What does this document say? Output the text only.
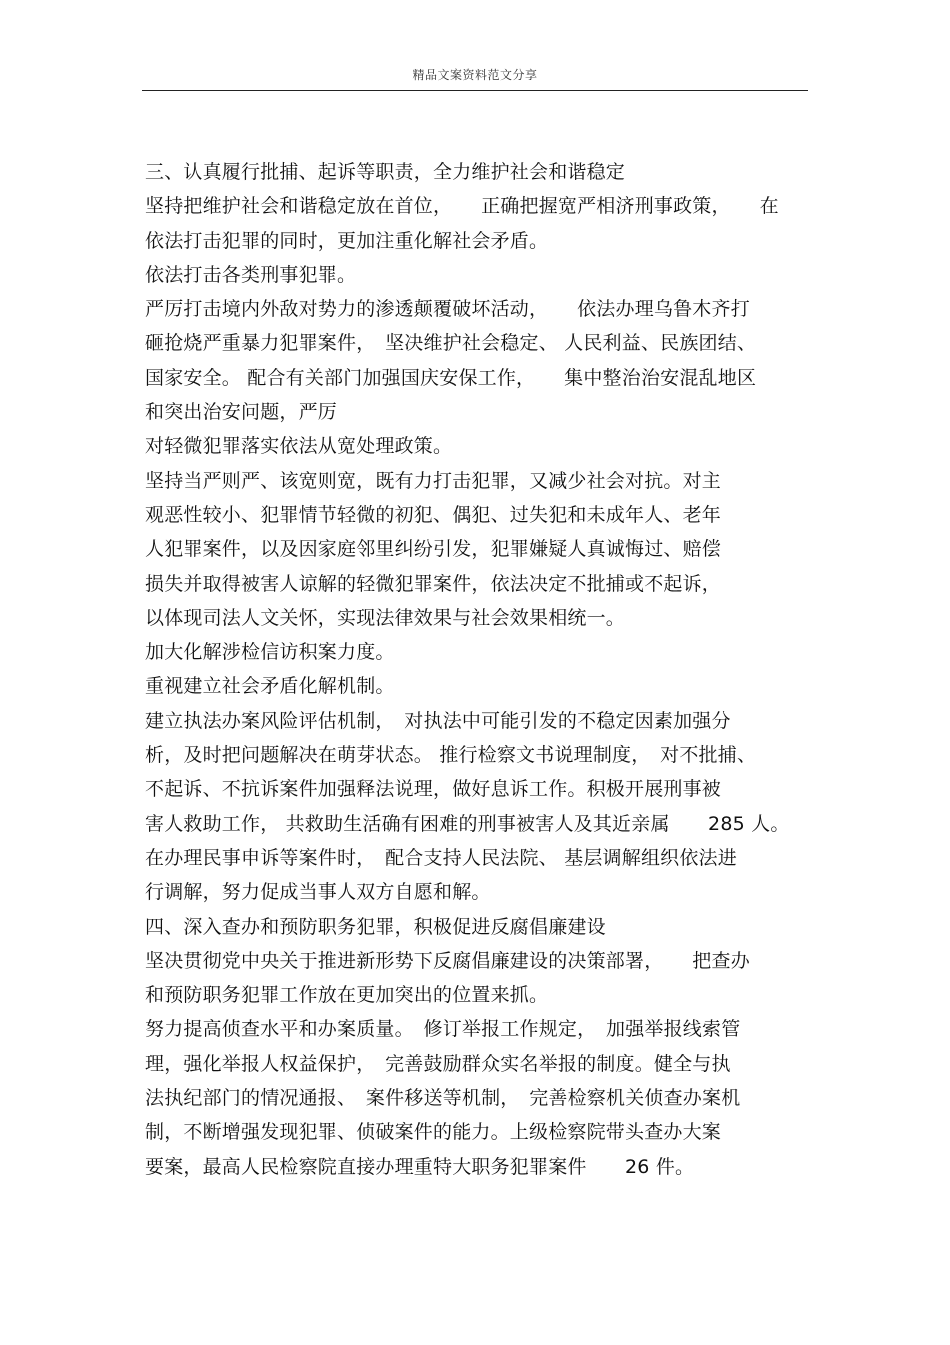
精品文案资料范文分享
三、认真履行批捕、起诉等职责，全力维护社会和谐稳定
坚持把维护社会和谐稳定放在首位，　　正确把握宽严相济刑事政策，　　在
依法打击犯罪的同时，更加注重化解社会矛盾。
依法打击各类刑事犯罪。
严厉打击境内外敌对势力的渗透颠覆破坏活动，　　依法办理乌鲁木齐打
砸抢烧严重暴力犯罪案件，　坚决维护社会稳定、 人民利益、民族团结、
国家安全。 配合有关部门加强国庆安保工作，　　集中整治治安混乱地区
和突出治安问题，严厉
对轻微犯罪落实依法从宽处理政策。
坚持当严则严、该宽则宽，既有力打击犯罪，又减少社会对抗。对主
观恶性较小、犯罪情节轻微的初犯、偶犯、过失犯和未成年人、老年
人犯罪案件，以及因家庭邻里纠纷引发，犯罪嫌疑人真诚悔过、赔偿
损失并取得被害人谅解的轻微犯罪案件，依法决定不批捕或不起诉，
以体现司法人文关怀，实现法律效果与社会效果相统一。
加大化解涉检信访积案力度。
重视建立社会矛盾化解机制。
建立执法办案风险评估机制，　对执法中可能引发的不稳定因素加强分
析，及时把问题解决在萌芽状态。 推行检察文书说理制度，　对不批捕、
不起诉、不抗诉案件加强释法说理，做好息诉工作。积极开展刑事被
害人救助工作， 共救助生活确有困难的刑事被害人及其近亲属　　285 人。
在办理民事申诉等案件时，　配合支持人民法院、 基层调解组织依法进
行调解，努力促成当事人双方自愿和解。
四、深入查办和预防职务犯罪，积极促进反腐倡廉建设
坚决贯彻党中央关于推进新形势下反腐倡廉建设的决策部署，　　把查办
和预防职务犯罪工作放在更加突出的位置来抓。
努力提高侦查水平和办案质量。　修订举报工作规定，　加强举报线索管
理，强化举报人权益保护，　完善鼓励群众实名举报的制度。健全与执
法执纪部门的情况通报、　案件移送等机制，　完善检察机关侦查办案机
制，不断增强发现犯罪、侦破案件的能力。上级检察院带头查办大案
要案，最高人民检察院直接办理重特大职务犯罪案件　　26 件。
